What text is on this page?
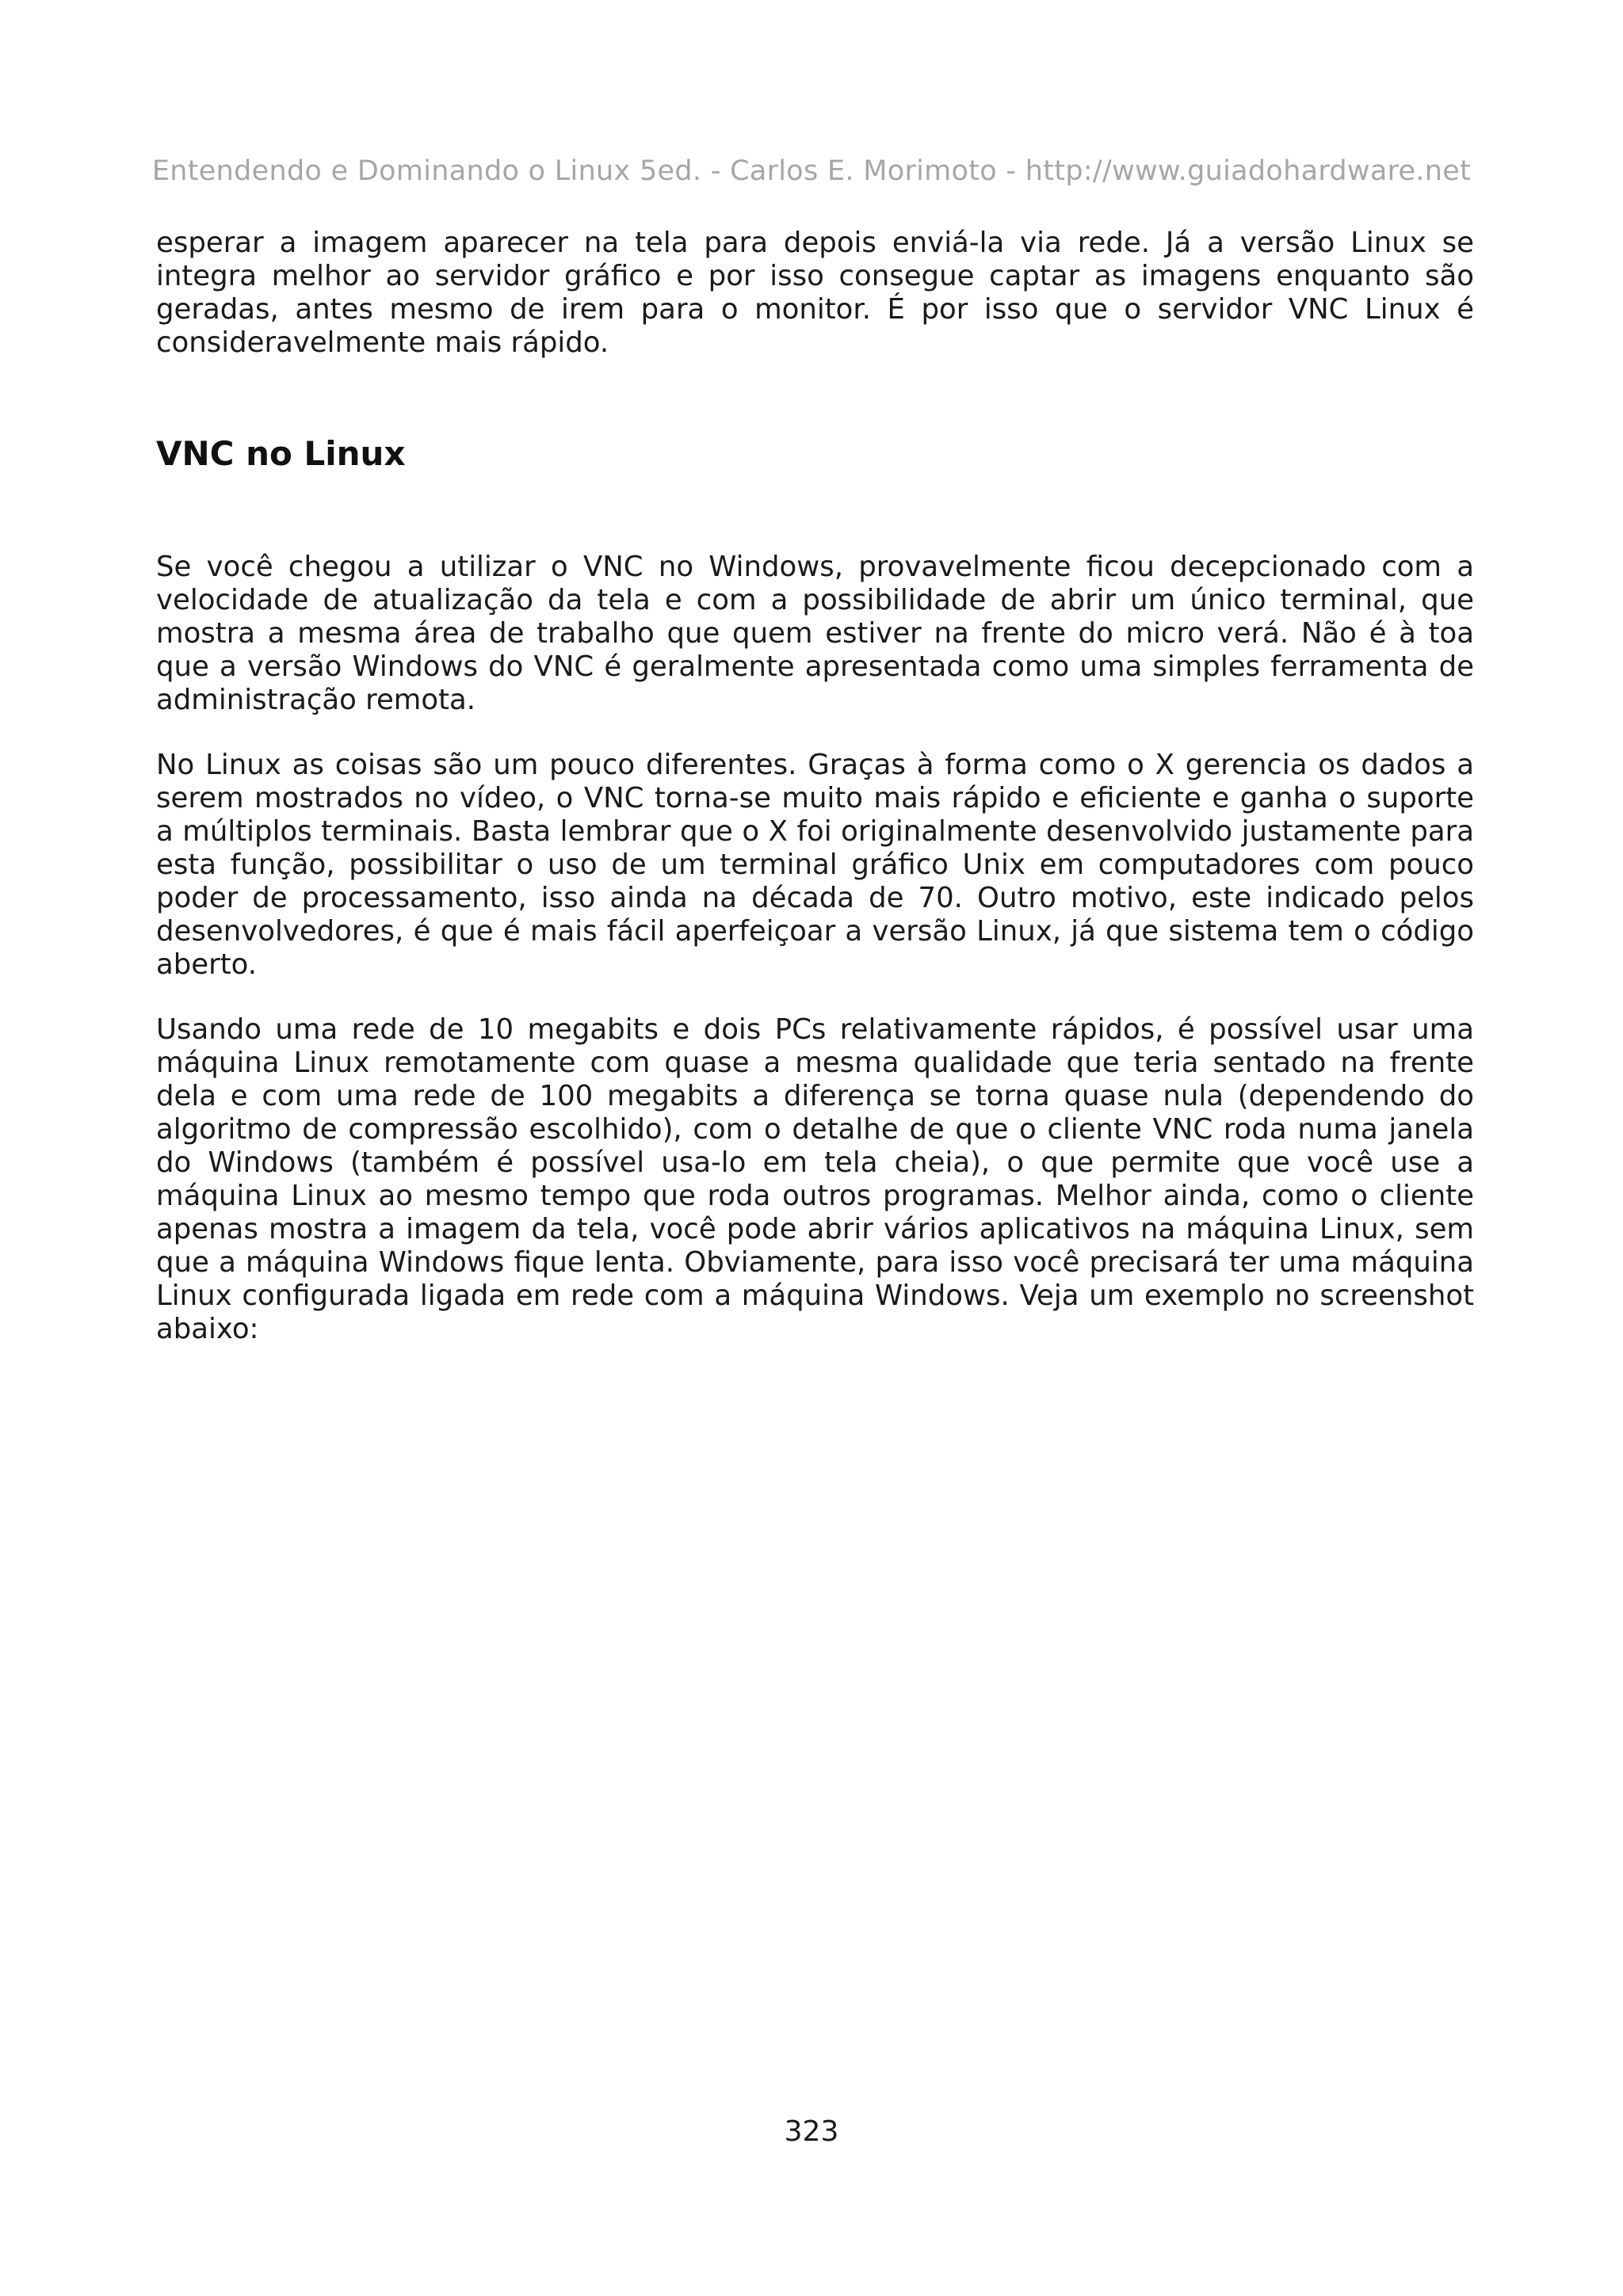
Entendendo e Dominando o Linux 5ed. - Carlos E. Morimoto - http://www.guiadohardware.net

esperar a imagem aparecer na tela para depois enviá-la via rede. Já a versão Linux se integra melhor ao servidor gráfico e por isso consegue captar as imagens enquanto são geradas, antes mesmo de irem para o monitor. É por isso que o servidor VNC Linux é consideravelmente mais rápido.

VNC no Linux

Se você chegou a utilizar o VNC no Windows, provavelmente ficou decepcionado com a velocidade de atualização da tela e com a possibilidade de abrir um único terminal, que mostra a mesma área de trabalho que quem estiver na frente do micro verá. Não é à toa que a versão Windows do VNC é geralmente apresentada como uma simples ferramenta de administração remota.

No Linux as coisas são um pouco diferentes. Graças à forma como o X gerencia os dados a serem mostrados no vídeo, o VNC torna-se muito mais rápido e eficiente e ganha o suporte a múltiplos terminais. Basta lembrar que o X foi originalmente desenvolvido justamente para esta função, possibilitar o uso de um terminal gráfico Unix em computadores com pouco poder de processamento, isso ainda na década de 70. Outro motivo, este indicado pelos desenvolvedores, é que é mais fácil aperfeiçoar a versão Linux, já que sistema tem o código aberto.

Usando uma rede de 10 megabits e dois PCs relativamente rápidos, é possível usar uma máquina Linux remotamente com quase a mesma qualidade que teria sentado na frente dela e com uma rede de 100 megabits a diferença se torna quase nula (dependendo do algoritmo de compressão escolhido), com o detalhe de que o cliente VNC roda numa janela do Windows (também é possível usa-lo em tela cheia), o que permite que você use a máquina Linux ao mesmo tempo que roda outros programas. Melhor ainda, como o cliente apenas mostra a imagem da tela, você pode abrir vários aplicativos na máquina Linux, sem que a máquina Windows fique lenta. Obviamente, para isso você precisará ter uma máquina Linux configurada ligada em rede com a máquina Windows. Veja um exemplo no screenshot abaixo:

323
